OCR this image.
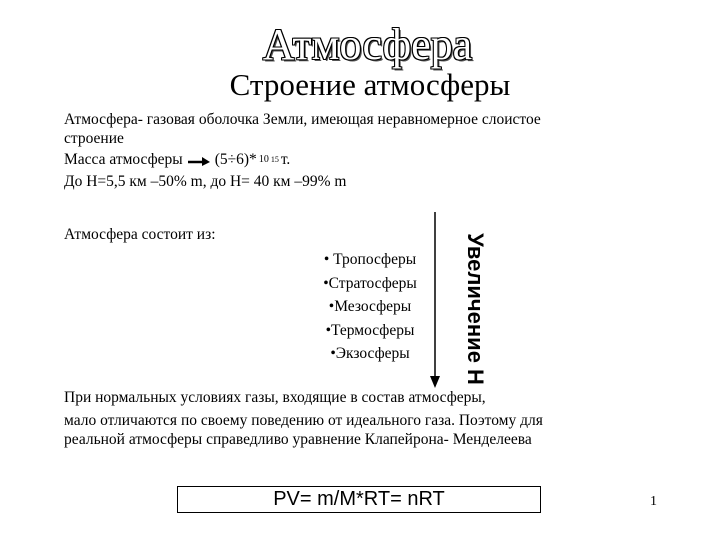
Атмосфера
Строение атмосферы
Атмосфера- газовая оболочка Земли, имеющая неравномерное слоистое
строение
Масса атмосферы (5÷6)* 10 15 т.
До Н=5,5 км –50% m, до Н= 40 км –99% m
Атмосфера состоит из:
• Тропосферы
•Стратосферы
•Мезосферы
•Термосферы
•Экзосферы	Увеличение Н
При нормальных условиях газы, входящие в состав атмосферы,
мало отличаются по своему поведению от идеального газа. Поэтому для
реальной атмосферы справедливо уравнение Клапейрона- Менделеева
PV= m/M*RT= nRT	1
